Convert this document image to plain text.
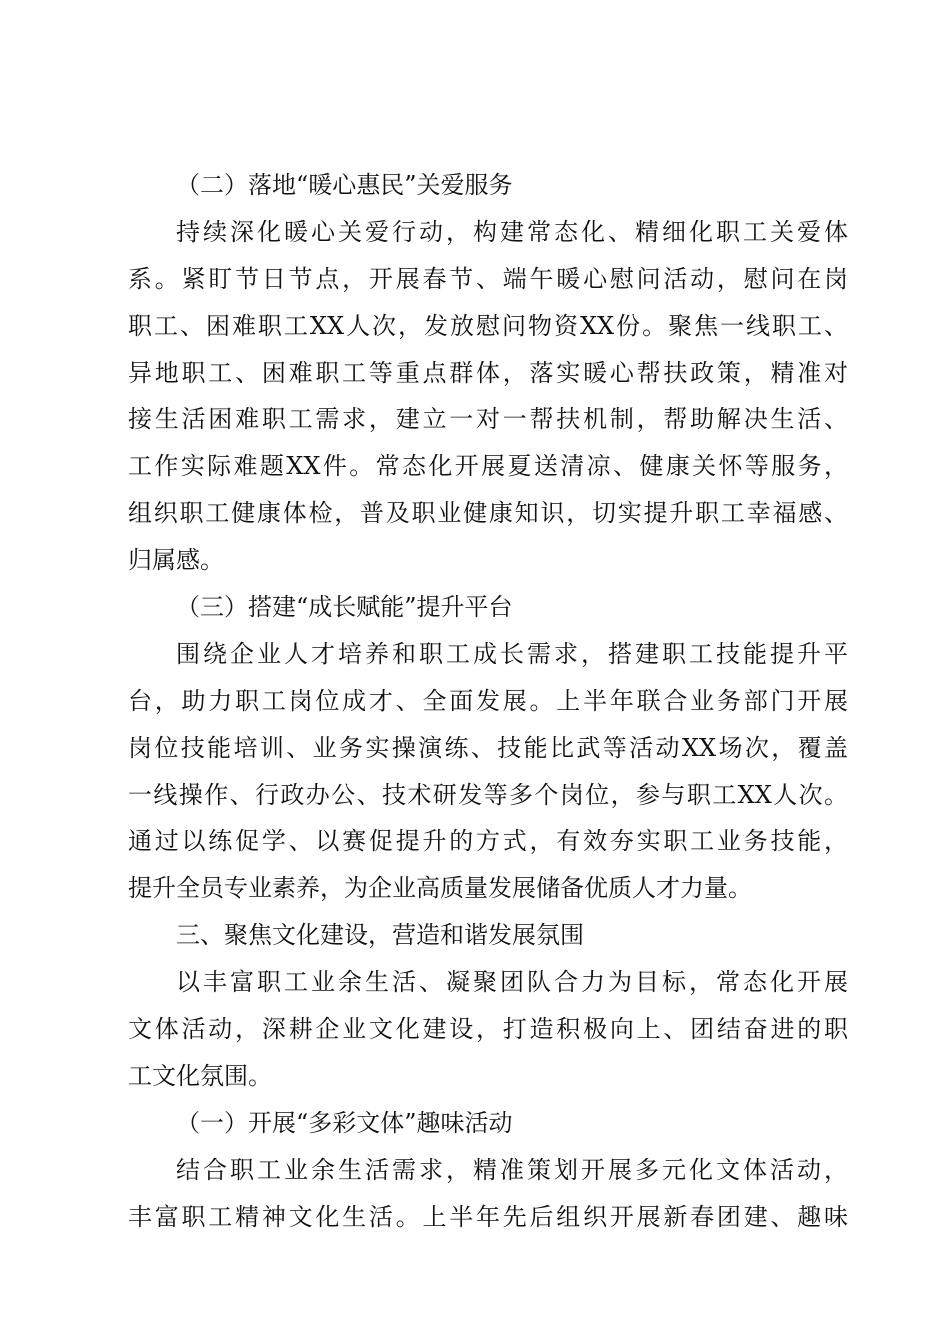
（二）落地“暖心惠民”关爱服务
持续深化暖心关爱行动，构建常态化、精细化职工关爱体
系。紧盯节日节点，开展春节、端午暖心慰问活动，慰问在岗
职工、困难职工XX人次，发放慰问物资XX份。聚焦一线职工、
异地职工、困难职工等重点群体，落实暖心帮扶政策，精准对
接生活困难职工需求，建立一对一帮扶机制，帮助解决生活、
工作实际难题XX件。常态化开展夏送清凉、健康关怀等服务，
组织职工健康体检，普及职业健康知识，切实提升职工幸福感、
归属感。
（三）搭建“成长赋能”提升平台
围绕企业人才培养和职工成长需求，搭建职工技能提升平
台，助力职工岗位成才、全面发展。上半年联合业务部门开展
岗位技能培训、业务实操演练、技能比武等活动XX场次，覆盖
一线操作、行政办公、技术研发等多个岗位，参与职工XX人次。
通过以练促学、以赛促提升的方式，有效夯实职工业务技能，
提升全员专业素养，为企业高质量发展储备优质人才力量。
三、聚焦文化建设，营造和谐发展氛围
以丰富职工业余生活、凝聚团队合力为目标，常态化开展
文体活动，深耕企业文化建设，打造积极向上、团结奋进的职
工文化氛围。
（一）开展“多彩文体”趣味活动
结合职工业余生活需求，精准策划开展多元化文体活动，
丰富职工精神文化生活。上半年先后组织开展新春团建、趣味
